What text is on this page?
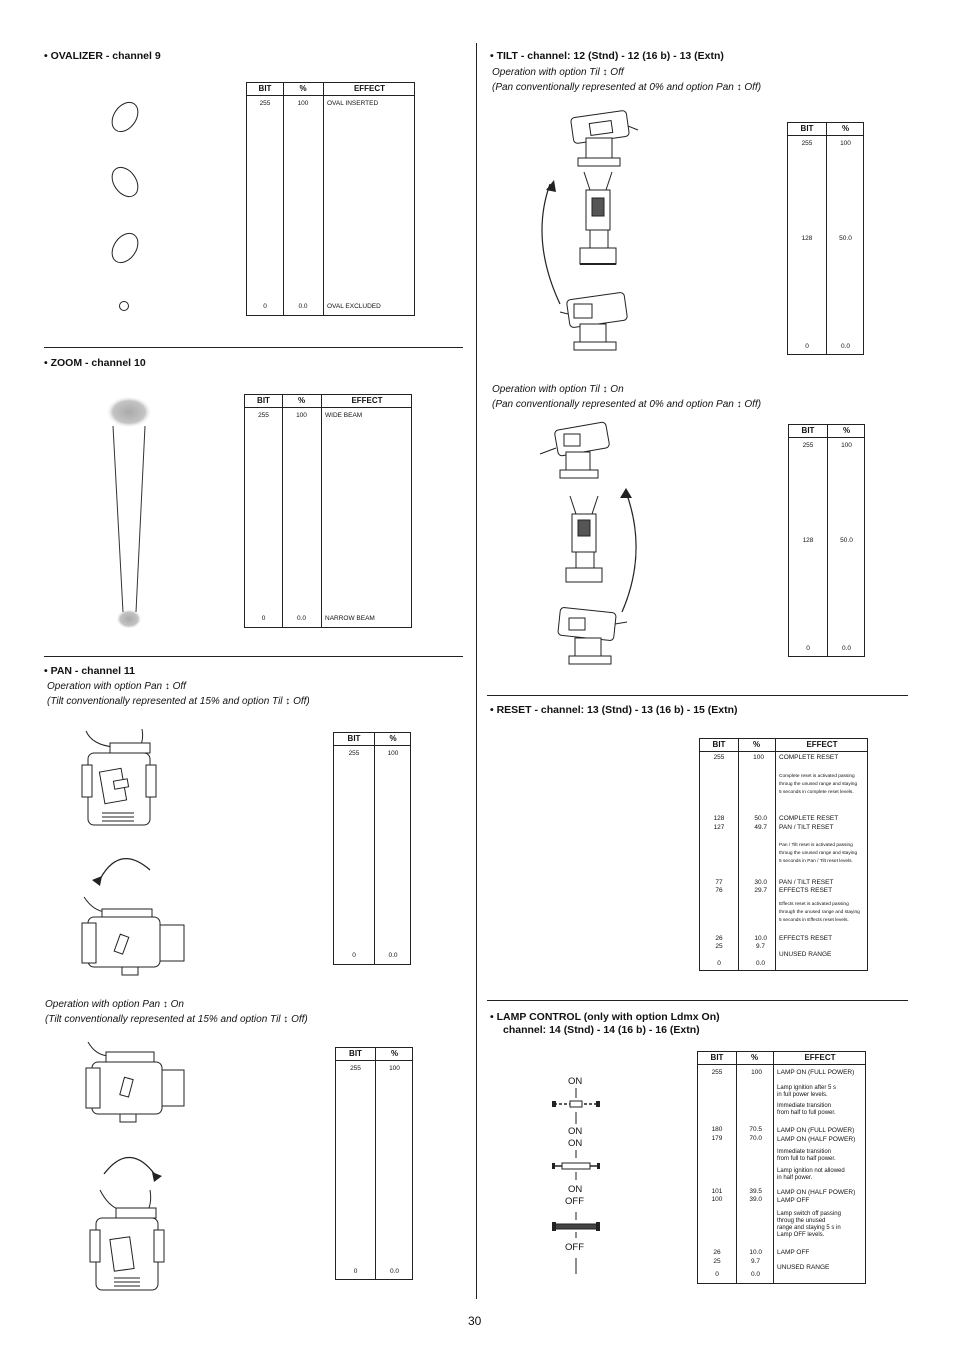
• OVALIZER - channel 9
BIT	%	EFFECT
255	100	OVAL INSERTED
0	0.0	OVAL EXCLUDED
• ZOOM - channel 10
BIT	%	EFFECT
255	100	WIDE BEAM
0	0.0	NARROW BEAM
• PAN - channel 11
Operation with option Pan ↕ Off
(Tilt conventionally represented at 15% and option Til ↕ Off)
BIT	%
255	100
0	0.0
Operation with option Pan ↕ On
(Tilt conventionally represented at 15% and option Til ↕ Off)
BIT	%
255	100
0	0.0
• TILT - channel: 12 (Stnd) - 12 (16 b) - 13 (Extn)
Operation with option Til ↕ Off
(Pan conventionally represented at 0% and option Pan ↕ Off)
BIT	%
255	100
128	50.0
0	0.0
Operation with option Til ↕ On
(Pan conventionally represented at 0% and option Pan ↕ Off)
BIT	%
255	100
128	50.0
0	0.0
• RESET - channel: 13 (Stnd) - 13 (16 b) - 15 (Extn)
BIT	%	EFFECT
255	100 COMPLETE RESET
Complete reset is activated passing
throug the unused range and staying
5 seconds in complete reset levels.
128	50.0 COMPLETE RESET
127	49.7 PAN / TILT RESET
Pan / Tilt reset is activated passing
throug the unused range and staying
5 seconds in Pan / Tilt reset levels.
77	30.0 PAN / TILT RESET
76	29.7 EFFECTS RESET
Effects reset is activated passing
through the unused range and staying
5 seconds in Effects reset levels.
26	10.0 EFFECTS RESET
25	9.7
UNUSED RANGE
0	0.0
• LAMP CONTROL (only with option Ldmx On)
channel: 14 (Stnd) - 14 (16 b) - 16 (Extn)
ON
ON
ON
ON
OFF
OFF
BIT	%	EFFECT
255	100 LAMP ON (FULL POWER)
Lamp ignition after 5 s
in full power levels.
Immediate transition
from half to full power.
180	70.5 LAMP ON (FULL POWER)
179	70.0 LAMP ON (HALF POWER)
Immediate transition
from full to half power.
Lamp ignition not allowed
in half power.
101	39.5 LAMP ON (HALF POWER)
100	39.0 LAMP OFF
Lamp switch off passing
throug the unused
range and staying 5 s in
Lamp OFF levels.
26	10.0 LAMP OFF
25	9.7
UNUSED RANGE
0	0.0
30
